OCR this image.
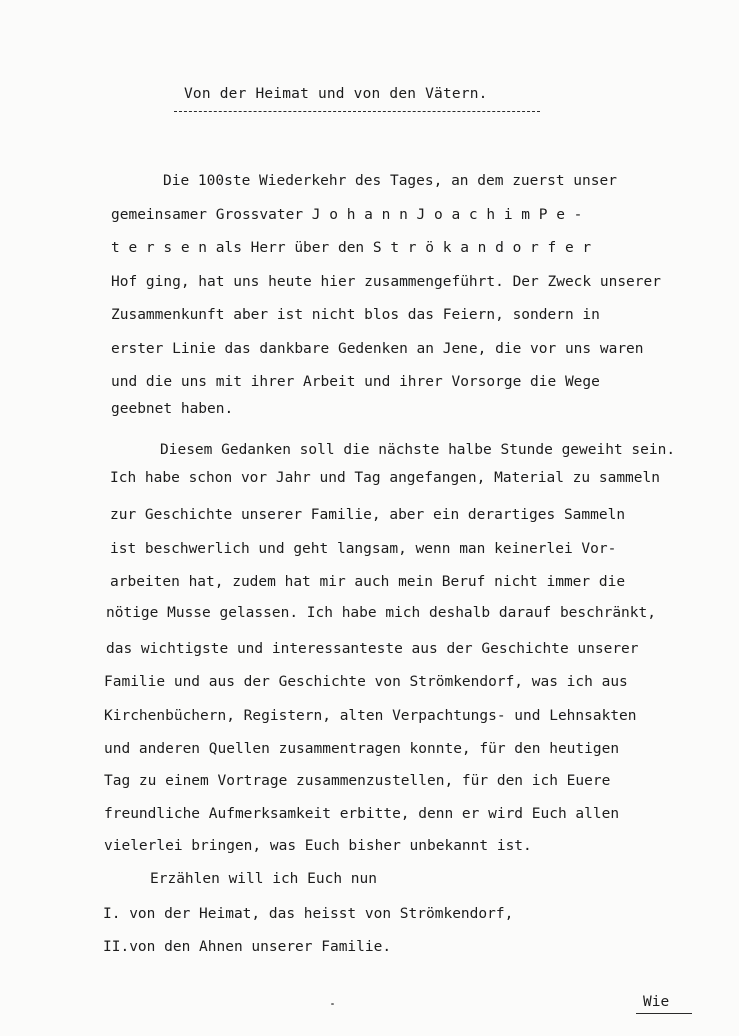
Von der Heimat und von den Vätern.
Die 100ste Wiederkehr des Tages, an dem zuerst unser
gemeinsamer Grossvater J o h a n n J o a c h i m P e -
t e r s e n als Herr über den S t r ö k a n d o r f e r
Hof ging, hat uns heute hier zusammengeführt. Der Zweck unserer
Zusammenkunft aber ist nicht blos das Feiern, sondern in
erster Linie das dankbare Gedenken an Jene, die vor uns waren
und die uns mit ihrer Arbeit und ihrer Vorsorge die Wege
geebnet haben.
Diesem Gedanken soll die nächste halbe Stunde geweiht sein.
Ich habe schon vor Jahr und Tag angefangen, Material zu sammeln
zur Geschichte unserer Familie, aber ein derartiges Sammeln
ist beschwerlich und geht langsam, wenn man keinerlei Vor-
arbeiten hat, zudem hat mir auch mein Beruf nicht immer die
nötige Musse gelassen. Ich habe mich deshalb darauf beschränkt,
das wichtigste und interessanteste aus der Geschichte unserer
Familie und aus der Geschichte von Strömkendorf, was ich aus
Kirchenbüchern, Registern, alten Verpachtungs- und Lehnsakten
und anderen Quellen zusammentragen konnte, für den heutigen
Tag zu einem Vortrage zusammenzustellen, für den ich Euere
freundliche Aufmerksamkeit erbitte, denn er wird Euch allen
vielerlei bringen, was Euch bisher unbekannt ist.
Erzählen will ich Euch nun
I. von der Heimat, das heisst von Strömkendorf,
II.von den Ahnen unserer Familie.
Wie
